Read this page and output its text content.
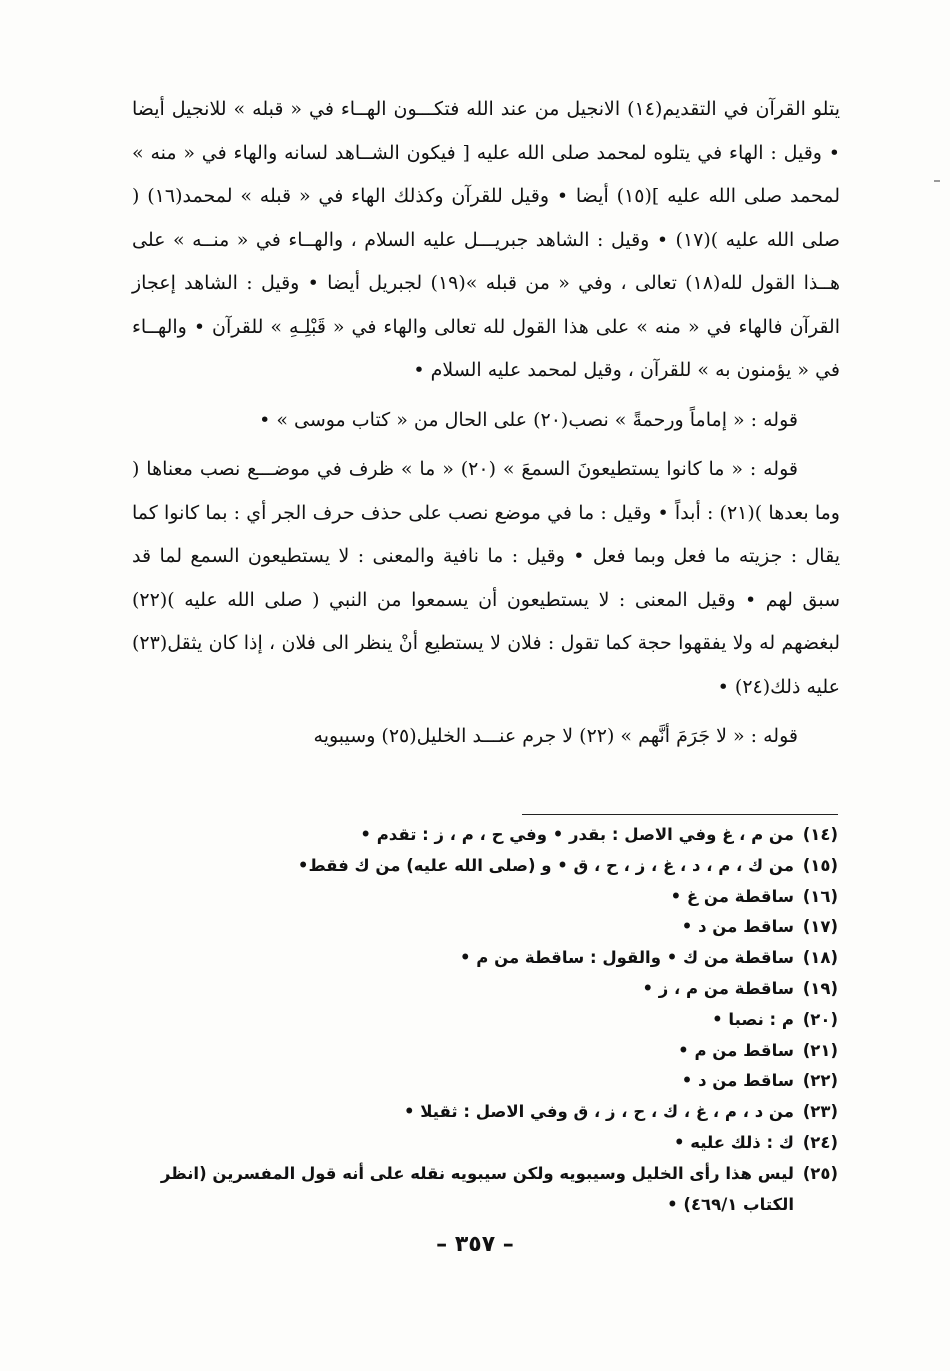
يتلو القرآن في التقديم(١٤) الانجيل من عند الله فتكـــون الهــاء في « قبله » للانجيل أيضا • وقيل : الهاء في يتلوه لمحمد صلى الله عليه [ فيكون الشــاهد لسانه والهاء في « منه » لمحمد صلى الله عليه ](١٥) أيضا • وقيل للقرآن وكذلك الهاء في « قبله » لمحمد(١٦) ( صلى الله عليه )(١٧) • وقيل : الشاهد جبريـــل عليه السلام ، والهــاء في « منــه » على هــذا القول لله(١٨) تعالى ، وفي « من قبله »(١٩) لجبريل أيضا • وقيل : الشاهد إعجاز القرآن فالهاء في « منه » على هذا القول لله تعالى والهاء في « قَبْلِـهِ » للقرآن • والهــاء في « يؤمنون به » للقرآن ، وقيل لمحمد عليه السلام •

قوله : « إماماً ورحمةً » نصب(٢٠) على الحال من « كتاب موسى » •

قوله : « ما كانوا يستطيعونَ السمعَ » (٢٠) « ما » ظرف في موضـــع نصب معناها ( وما بعدها )(٢١) : أبداً • وقيل : ما في موضع نصب على حذف حرف الجر أي : بما كانوا كما يقال : جزيته ما فعل وبما فعل • وقيل : ما نافية والمعنى : لا يستطيعون السمع لما قد سبق لهم • وقيل المعنى : لا يستطيعون أن يسمعوا من النبي ( صلى الله عليه )(٢٢) لبغضهم له ولا يفقهوا حجة كما تقول : فلان لا يستطيع أنْ ينظر الى فلان ، إذا كان يثقل(٢٣) عليه ذلك(٢٤) •

قوله : « لا جَرَمَ أنَّهم » (٢٢) لا جرم عنـــد الخليل(٢٥) وسيبويه

(١٤)
من م ، غ وفي الاصل : بقدر • وفي ح ، م ، ز : تقدم •
(١٥)
من ك ، م ، د ، غ ، ز ، ح ، ق • و (صلى الله عليه) من ك فقط•
(١٦)
ساقطة من غ •
(١٧)
ساقط من د •
(١٨)
ساقطة من ك • والقول : ساقطة من م •
(١٩)
ساقطة من م ، ز •
(٢٠)
م : نصبا •
(٢١)
ساقط من م •
(٢٢)
ساقط من د •
(٢٣)
من د ، م ، غ ، ك ، ح ، ز ، ق وفي الاصل : ثقيلا •
(٢٤)
ك : ذلك عليه •
(٢٥)
ليس هذا رأى الخليل وسيبويه ولكن سيبويه نقله على أنه قول المفسرين (انظر الكتاب ٤٦٩/١) •
– ٣٥٧ –
